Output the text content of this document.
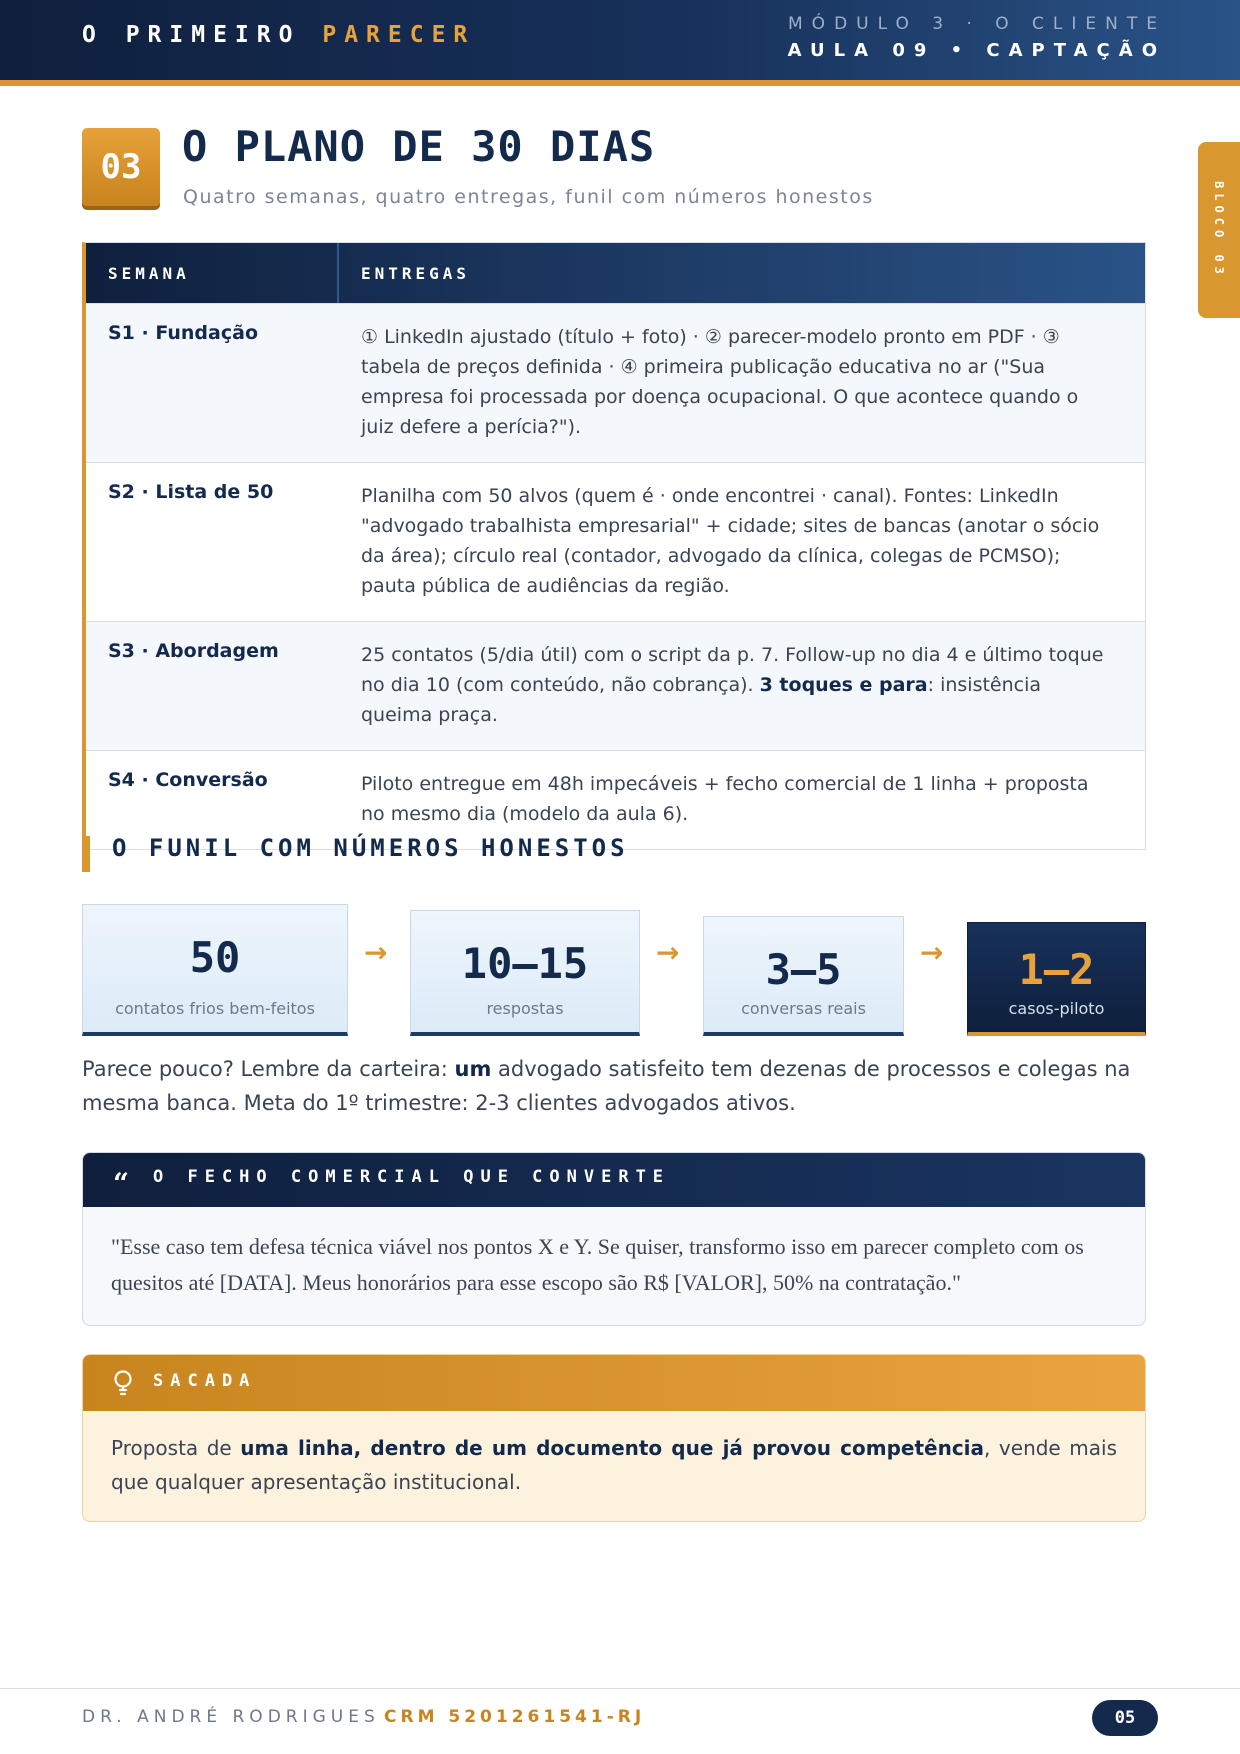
O PRIMEIRO PARECER	MÓDULO 3 · O CLIENTE
AULA 09 • CAPTAÇÃO
BLOCO 03
03 O PLANO DE 30 DIAS
Quatro semanas, quatro entregas, funil com números honestos
SEMANA	ENTREGAS
S1 · Fundação	① LinkedIn ajustado (título + foto) · ② parecer-modelo pronto em PDF · ③ tabela de preços definida · ④ primeira publicação educativa no ar ("Sua empresa foi processada por doença ocupacional. O que acontece quando o juiz defere a perícia?").
S2 · Lista de 50	Planilha com 50 alvos (quem é · onde encontrei · canal). Fontes: LinkedIn "advogado trabalhista empresarial" + cidade; sites de bancas (anotar o sócio da área); círculo real (contador, advogado da clínica, colegas de PCMSO); pauta pública de audiências da região.
S3 · Abordagem	25 contatos (5/dia útil) com o script da p. 7. Follow-up no dia 4 e último toque no dia 10 (com conteúdo, não cobrança). 3 toques e para: insistência queima praça.
S4 · Conversão	Piloto entregue em 48h impecáveis + fecho comercial de 1 linha + proposta no mesmo dia (modelo da aula 6).
O FUNIL COM NÚMEROS HONESTOS
50
contatos frios bem-feitos
→	10–15
respostas
→	3–5
conversas reais
→	1–2
casos-piloto
Parece pouco? Lembre da carteira: um advogado satisfeito tem dezenas de processos e colegas na mesma banca. Meta do 1º trimestre: 2-3 clientes advogados ativos.
“ O FECHO COMERCIAL QUE CONVERTE
"Esse caso tem defesa técnica viável nos pontos X e Y. Se quiser, transformo isso em parecer completo com os quesitos até [DATA]. Meus honorários para esse escopo são R$ [VALOR], 50% na contratação."
SACADA
Proposta de uma linha, dentro de um documento que já provou competência, vende mais que qualquer apresentação institucional.
DR. ANDRÉ RODRIGUES CRM 5201261541-RJ	05
